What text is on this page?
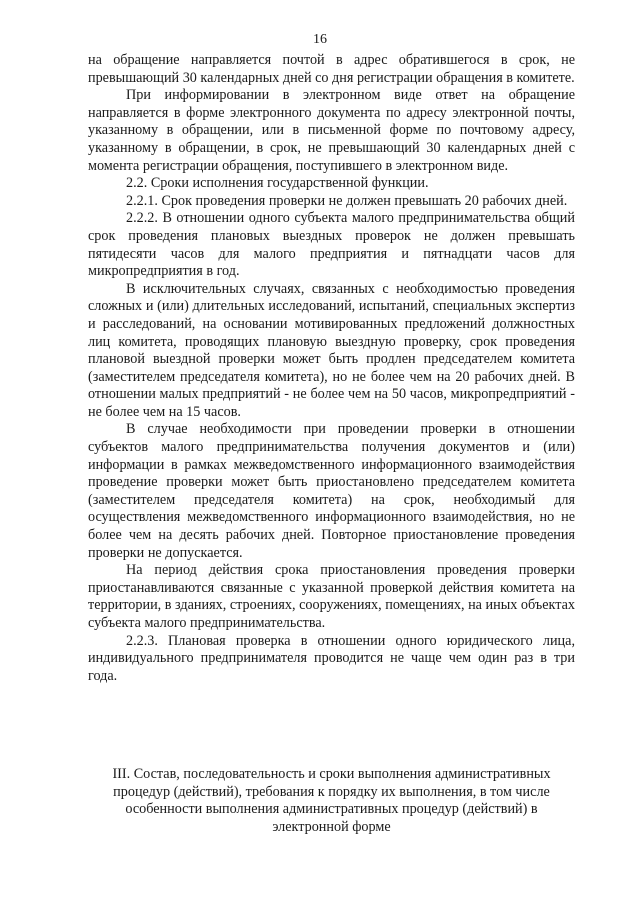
16

на обращение направляется почтой в адрес обратившегося в срок, не превышающий 30 календарных дней со дня регистрации обращения в комитете.

При информировании в электронном виде ответ на обращение направляется в форме электронного документа по адресу электронной почты, указанному в обращении, или в письменной форме по почтовому адресу, указанному в обращении, в срок, не превышающий 30 календарных дней с момента регистрации обращения, поступившего в электронном виде.

2.2. Сроки исполнения государственной функции.

2.2.1. Срок проведения проверки не должен превышать 20 рабочих дней.

2.2.2. В отношении одного субъекта малого предпринимательства общий срок проведения плановых выездных проверок не должен превышать пятидесяти часов для малого предприятия и пятнадцати часов для микропредприятия в год.

В исключительных случаях, связанных с необходимостью проведения сложных и (или) длительных исследований, испытаний, специальных экспертиз и расследований, на основании мотивированных предложений должностных лиц комитета, проводящих плановую выездную проверку, срок проведения плановой выездной проверки может быть продлен председателем комитета (заместителем председателя комитета), но не более чем на 20 рабочих дней. В отношении малых предприятий - не более чем на 50 часов, микропредприятий - не более чем на 15 часов.

В случае необходимости при проведении проверки в отношении субъектов малого предпринимательства получения документов и (или) информации в рамках межведомственного информационного взаимодействия проведение проверки может быть приостановлено председателем комитета (заместителем председателя комитета) на срок, необходимый для осуществления межведомственного информационного взаимодействия, но не более чем на десять рабочих дней. Повторное приостановление проведения проверки не допускается.

На период действия срока приостановления проведения проверки приостанавливаются связанные с указанной проверкой действия комитета на территории, в зданиях, строениях, сооружениях, помещениях, на иных объектах субъекта малого предпринимательства.

2.2.3. Плановая проверка в отношении одного юридического лица, индивидуального предпринимателя проводится не чаще чем один раз в три года.

III. Состав, последовательность и сроки выполнения административных процедур (действий), требования к порядку их выполнения, в том числе особенности выполнения административных процедур (действий) в электронной форме
